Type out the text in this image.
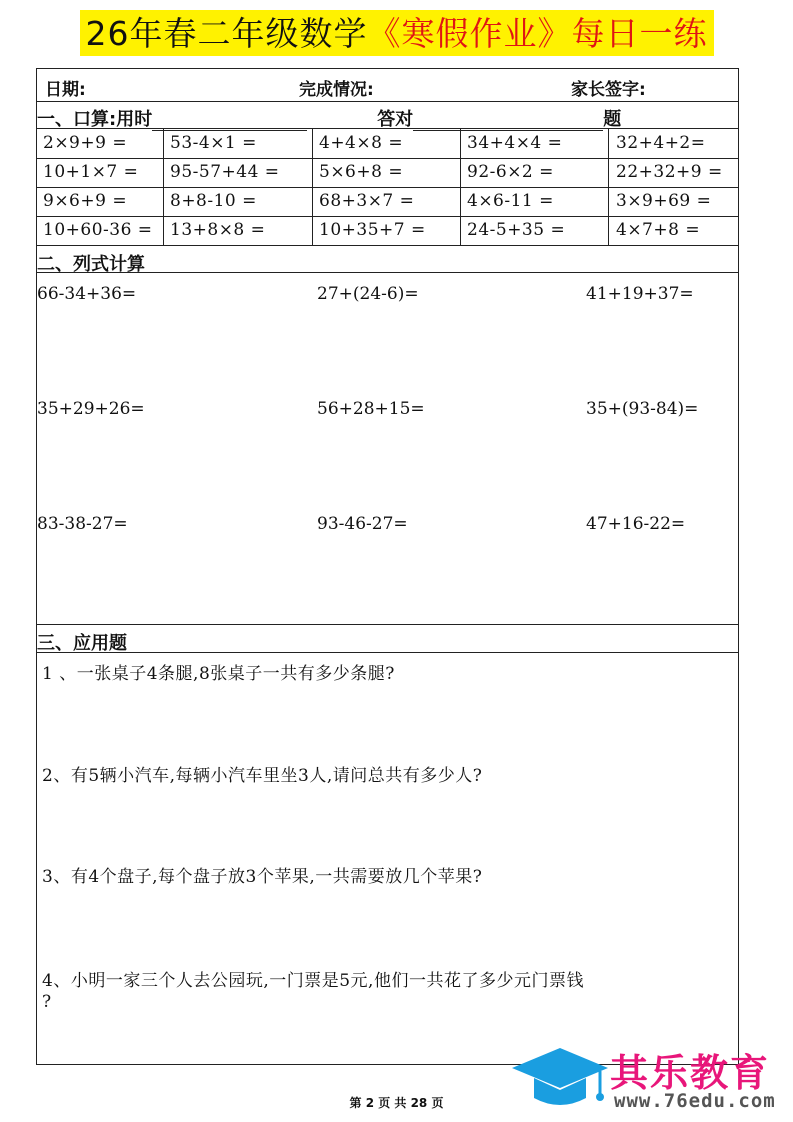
26年春二年级数学《寒假作业》每日一练
日期:	完成情况:	家长签字:
一、口算:用时	答对	题
2×9+9 =	53-4×1 =	4+4×8 =	34+4×4 =	32+4+2=
10+1×7 = 95-57+44 = 5×6+8 =	92-6×2 =	22+32+9 =
9×6+9 =	8+8-10 =	68+3×7 =	4×6-11 =	3×9+69 =
10+60-36 = 13+8×8 =	10+35+7 = 24-5+35 =	4×7+8 =
二、列式计算
66-34+36=	27+(24-6)=	41+19+37=
35+29+26=	56+28+15=	35+(93-84)=
83-38-27=	93-46-27=	47+16-22=
三、应用题
1 、一张桌子4条腿,8张桌子一共有多少条腿?
2、有5辆小汽车,每辆小汽车里坐3人,请问总共有多少人?
3、有4个盘子,每个盘子放3个苹果,一共需要放几个苹果?
4、小明一家三个人去公园玩,一门票是5元,他们一共花了多少元门票钱
?
第 2 页 共 28 页
其乐教育
www.76edu.com
